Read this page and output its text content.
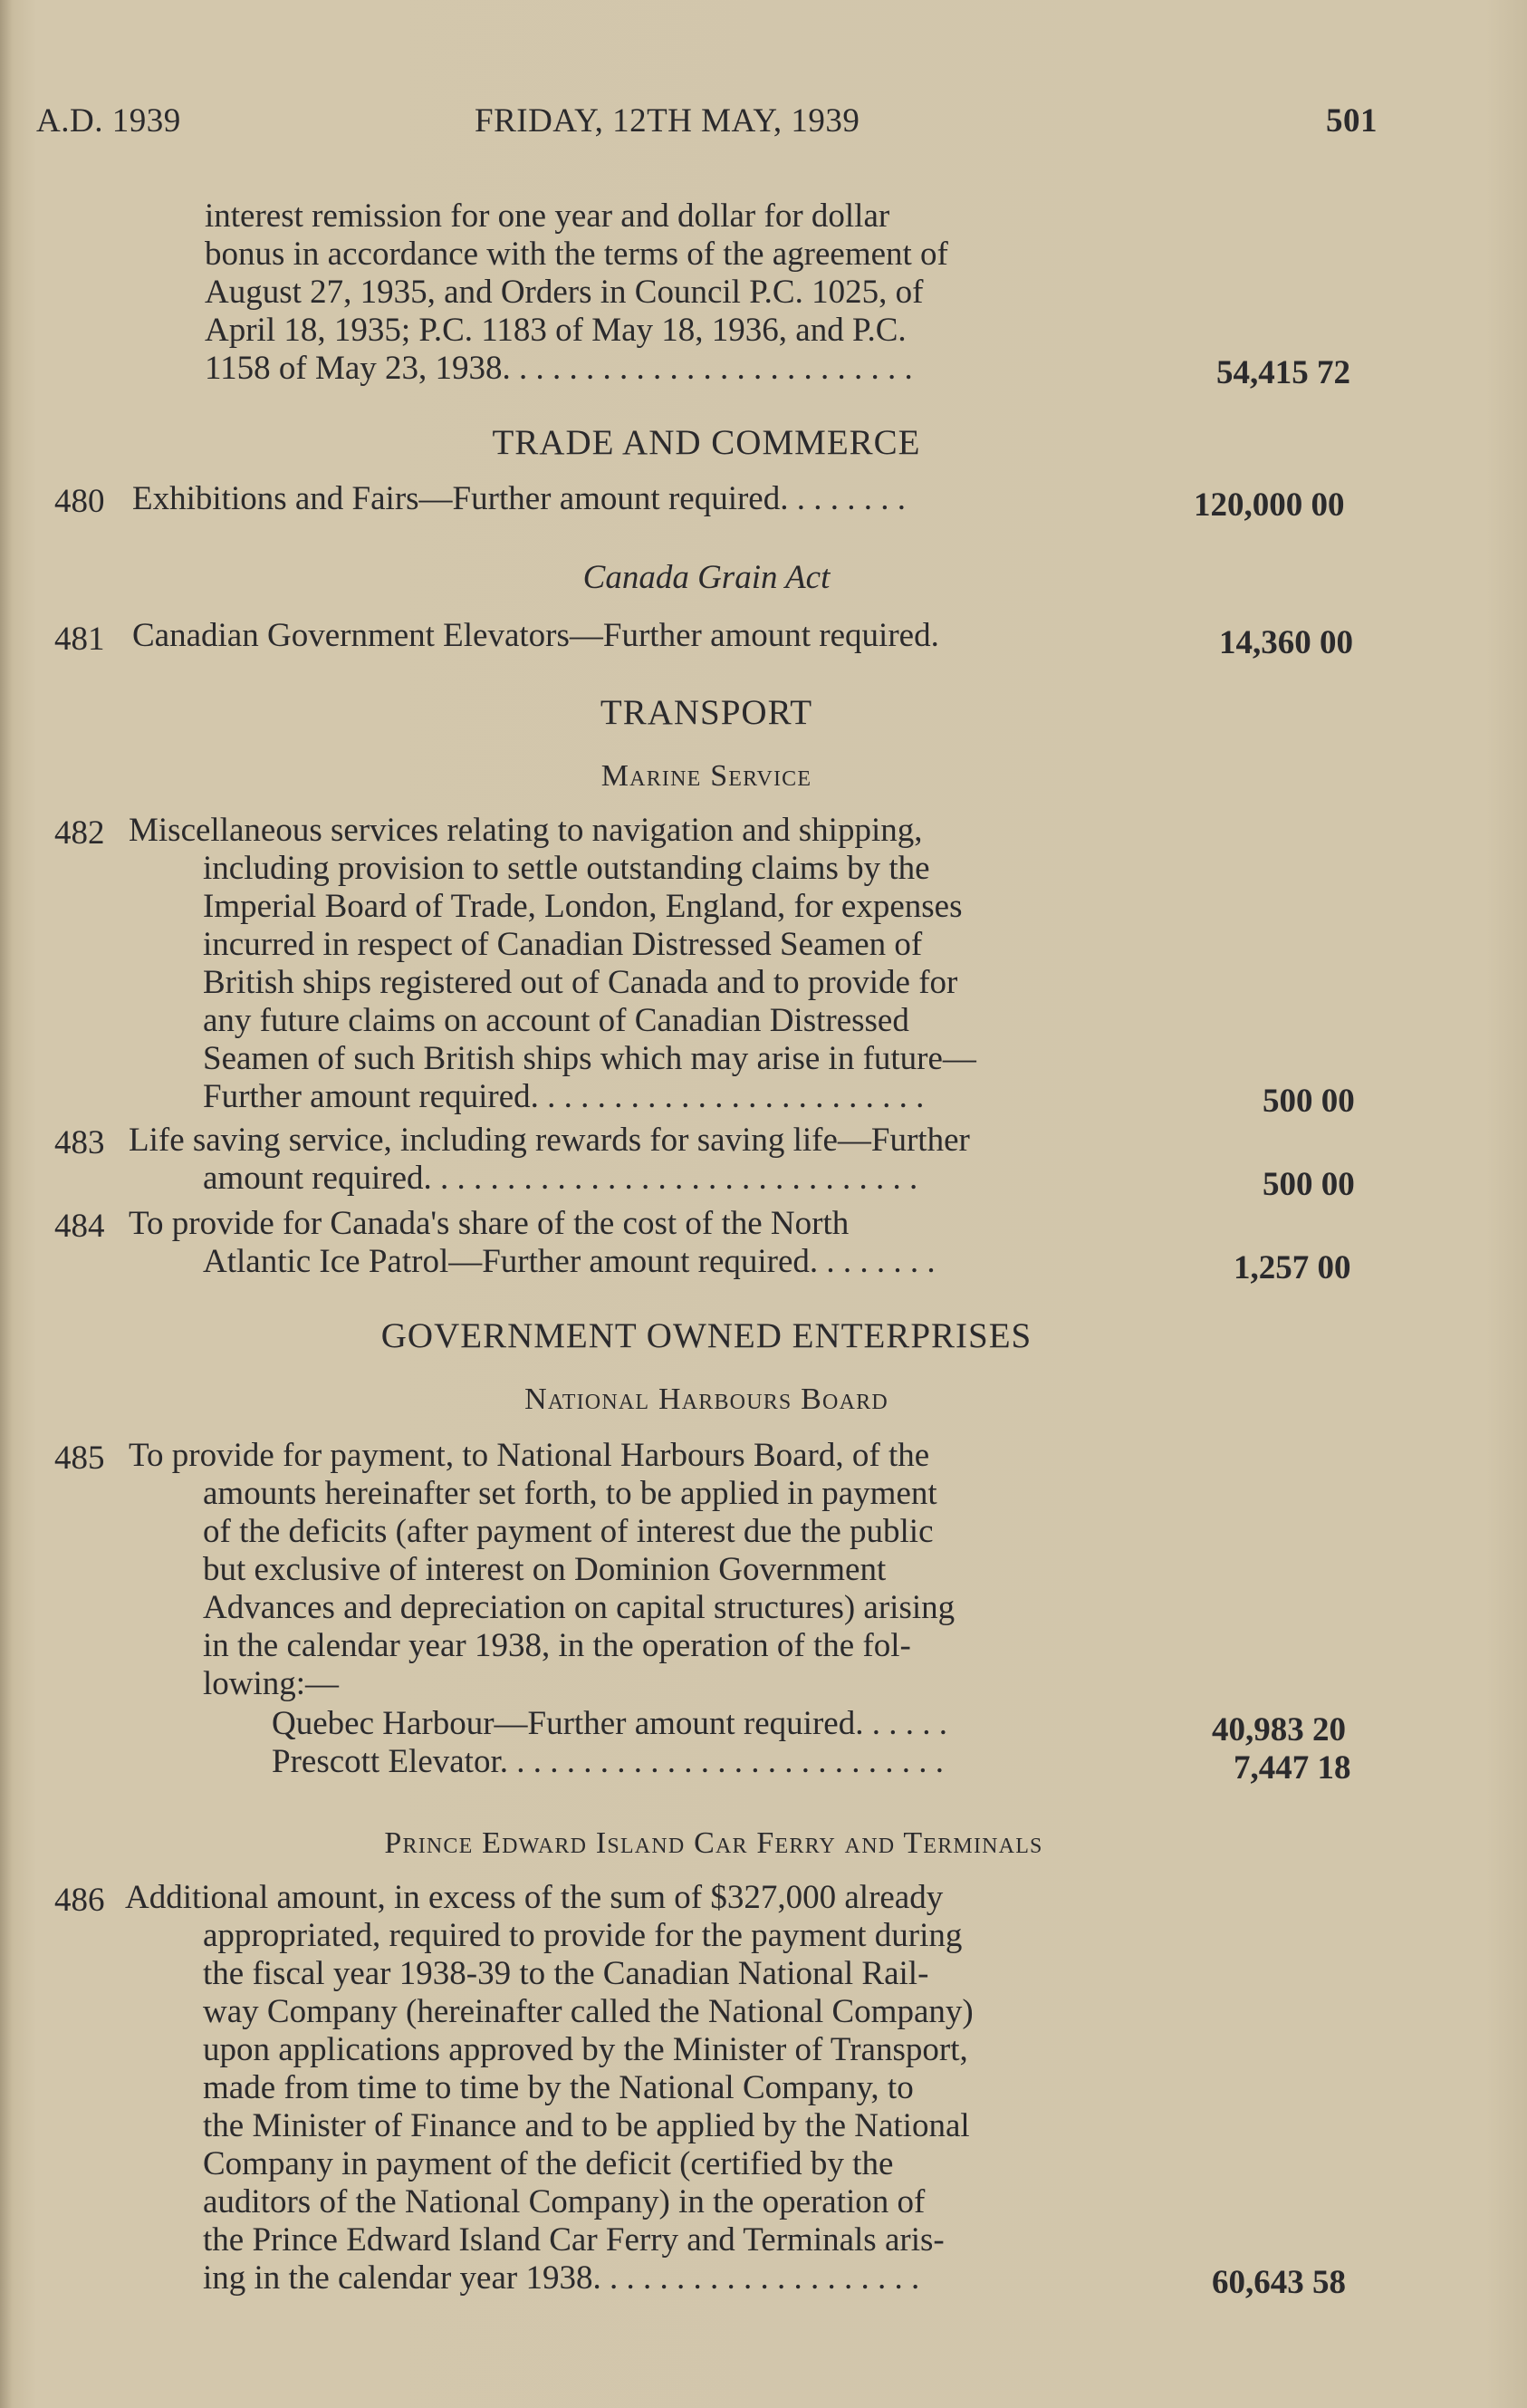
A.D. 1939	FRIDAY, 12TH MAY, 1939	501
interest remission for one year and dollar for dollar
bonus in accordance with the terms of the agreement of
August 27, 1935, and Orders in Council P.C. 1025, of
April 18, 1935; P.C. 1183 of May 18, 1936, and P.C.
1158 of May 23, 1938. . . . . . . . . . . . . . . . . . . . . . . . .	54,415 72
TRADE AND COMMERCE
480 Exhibitions and Fairs—Further amount required. . . . . . . .	120,000 00
Canada Grain Act
481 Canadian Government Elevators—Further amount required.	14,360 00
TRANSPORT
Marine Service
482 Miscellaneous services relating to navigation and shipping,
including provision to settle outstanding claims by the
Imperial Board of Trade, London, England, for expenses
incurred in respect of Canadian Distressed Seamen of
British ships registered out of Canada and to provide for
any future claims on account of Canadian Distressed
Seamen of such British ships which may arise in future—
Further amount required. . . . . . . . . . . . . . . . . . . . . . . .	500 00
483 Life saving service, including rewards for saving life—Further
amount required. . . . . . . . . . . . . . . . . . . . . . . . . . . . . .	500 00
484 To provide for Canada's share of the cost of the North
Atlantic Ice Patrol—Further amount required. . . . . . . .	1,257 00
GOVERNMENT OWNED ENTERPRISES
National Harbours Board
485 To provide for payment, to National Harbours Board, of the
amounts hereinafter set forth, to be applied in payment
of the deficits (after payment of interest due the public
but exclusive of interest on Dominion Government
Advances and depreciation on capital structures) arising
in the calendar year 1938, in the operation of the fol-
lowing:—
Quebec Harbour—Further amount required. . . . . .	40,983 20
Prescott Elevator. . . . . . . . . . . . . . . . . . . . . . . . . . .	7,447 18
Prince Edward Island Car Ferry and Terminals
486 Additional amount, in excess of the sum of $327,000 already
appropriated, required to provide for the payment during
the fiscal year 1938-39 to the Canadian National Rail-
way Company (hereinafter called the National Company)
upon applications approved by the Minister of Transport,
made from time to time by the National Company, to
the Minister of Finance and to be applied by the National
Company in payment of the deficit (certified by the
auditors of the National Company) in the operation of
the Prince Edward Island Car Ferry and Terminals aris-
ing in the calendar year 1938. . . . . . . . . . . . . . . . . . . .	60,643 58
